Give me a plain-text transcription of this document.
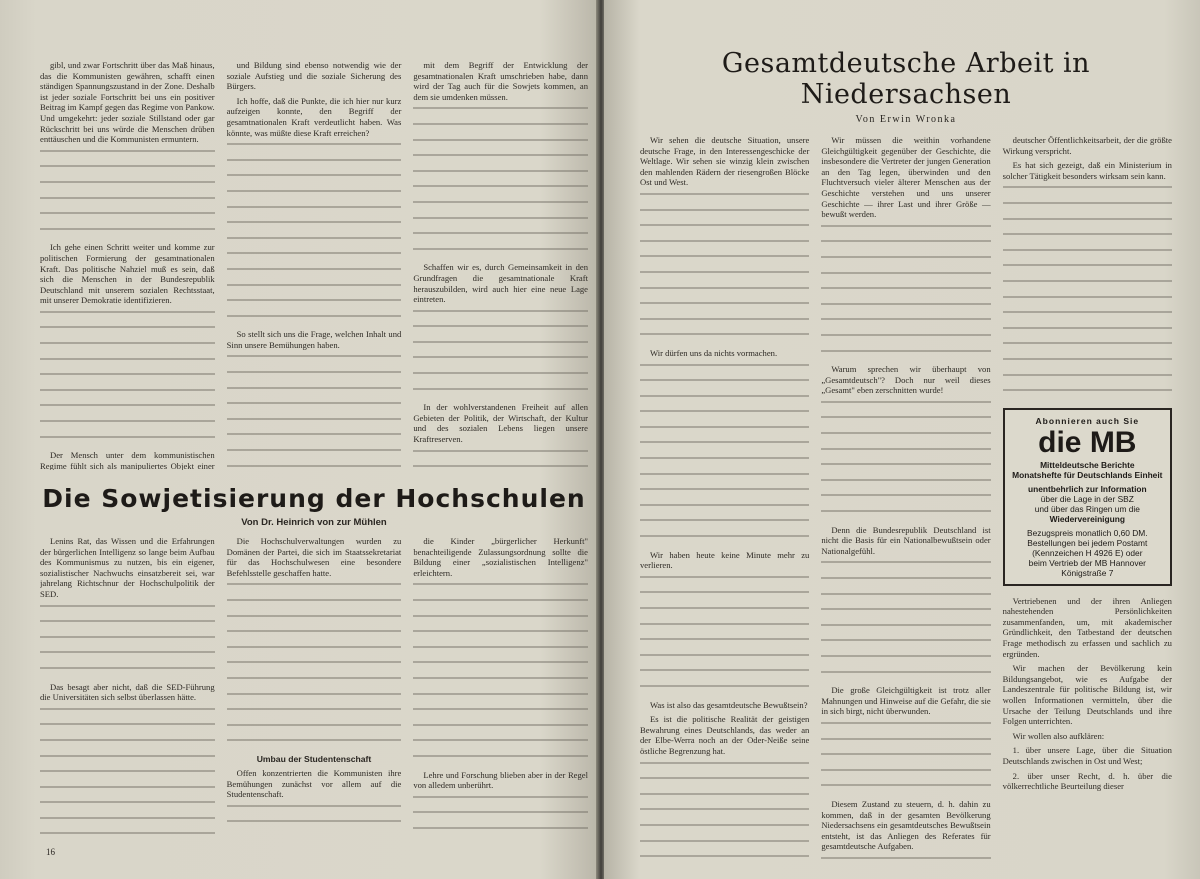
gibl, und zwar Fortschritt über das Maß hinaus, das die Kommunisten gewähren, schafft einen ständigen Spannungszustand in der Zone. Deshalb ist jeder soziale Fortschritt bei uns ein positiver Beitrag im Kampf gegen das Regime von Pankow. Und umgekehrt: jeder soziale Stillstand oder gar Rückschritt bei uns würde die Menschen drüben enttäuschen und die Kommunisten ermuntern.

Ich gehe einen Schritt weiter und komme zur politischen Formierung der gesamtnationalen Kraft. Das politische Nahziel muß es sein, daß sich die Menschen in der Bundesrepublik Deutschland mit unserem sozialen Rechtsstaat, mit unserer Demokratie identifizieren.

Der Mensch unter dem kommunistischen Regime fühlt sich als manipuliertes Objekt einer

und Bildung sind ebenso notwendig wie der soziale Aufstieg und die soziale Sicherung des Bürgers.

Ich hoffe, daß die Punkte, die ich hier nur kurz aufzeigen konnte, den Begriff der gesamtnationalen Kraft verdeutlicht haben. Was könnte, was müßte diese Kraft erreichen?

So stellt sich uns die Frage, welchen Inhalt und Sinn unsere Bemühungen haben.

mit dem Begriff der Entwicklung der gesamtnationalen Kraft umschrieben habe, dann wird der Tag auch für die Sowjets kommen, an dem sie umdenken müssen.

Schaffen wir es, durch Gemeinsamkeit in den Grundfragen die gesamtnationale Kraft herauszubilden, wird auch hier eine neue Lage eintreten.

In der wohlverstandenen Freiheit auf allen Gebieten der Politik, der Wirtschaft, der Kultur und des sozialen Lebens liegen unsere Kraftreserven.

Die Sowjetisierung der Hochschulen
Von Dr. Heinrich von zur Mühlen

Lenins Rat, das Wissen und die Erfahrungen der bürgerlichen Intelligenz so lange beim Aufbau des Kommunismus zu nutzen, bis ein eigener, sozialistischer Nachwuchs einsatzbereit sei, war jahrelang Richtschnur der Hochschulpolitik der SED.

Das besagt aber nicht, daß die SED-Führung die Universitäten sich selbst überlassen hätte.

Die Hochschulverwaltungen wurden zu Domänen der Partei, die sich im Staatssekretariat für das Hochschulwesen eine besondere Befehlsstelle geschaffen hatte.

Umbau der Studentenschaft

Offen konzentrierten die Kommunisten ihre Bemühungen zunächst vor allem auf die Studentenschaft.

die Kinder „bürgerlicher Herkunft" benachteiligende Zulassungsordnung sollte die Bildung einer „sozialistischen Intelligenz" erleichtern.

Lehre und Forschung blieben aber in der Regel von alledem unberührt.

16
Gesamtdeutsche Arbeit in Niedersachsen
Von Erwin Wronka

Wir sehen die deutsche Situation, unsere deutsche Frage, in den Interessengeschicke der Weltlage. Wir sehen sie winzig klein zwischen den mahlenden Rädern der riesengroßen Blöcke Ost und West.

Wir dürfen uns da nichts vormachen.

Wir haben heute keine Minute mehr zu verlieren.

Was ist also das gesamtdeutsche Bewußtsein?

Es ist die politische Realität der geistigen Bewahrung eines Deutschlands, das weder an der Elbe-Werra noch an der Oder-Neiße seine östliche Begrenzung hat.

Wir müssen die weithin vorhandene Gleichgültigkeit gegenüber der Geschichte, die insbesondere die Vertreter der jungen Generation an den Tag legen, überwinden und den Fluchtversuch vieler älterer Menschen aus der Geschichte verstehen und uns unserer Geschichte — ihrer Last und ihrer Größe — bewußt werden.

Warum sprechen wir überhaupt von „Gesamtdeutsch"? Doch nur weil dieses „Gesamt" eben zerschnitten wurde!

Denn die Bundesrepublik Deutschland ist nicht die Basis für ein Nationalbewußtsein oder Nationalgefühl.

Die große Gleichgültigkeit ist trotz aller Mahnungen und Hinweise auf die Gefahr, die sie in sich birgt, nicht überwunden.

Diesem Zustand zu steuern, d. h. dahin zu kommen, daß in der gesamten Bevölkerung Niedersachsens ein gesamtdeutsches Bewußtsein entsteht, ist das Anliegen des Referates für gesamtdeutsche Aufgaben.

deutscher Öffentlichkeitsarbeit, der die größte Wirkung verspricht.

Es hat sich gezeigt, daß ein Ministerium in solcher Tätigkeit besonders wirksam sein kann.

Abonnieren auch Sie
die MB
Mitteldeutsche Berichte
Monatshefte für Deutschlands Einheit
unentbehrlich zur Information
über die Lage in der SBZ
und über das Ringen um die
Wiedervereinigung
Bezugspreis monatlich 0,60 DM.
Bestellungen bei jedem Postamt
(Kennzeichen H 4926 E) oder
beim Vertrieb der MB Hannover
Königstraße 7

Vertriebenen und der ihren Anliegen nahestehenden Persönlichkeiten zusammenfanden, um, mit akademischer Gründlichkeit, den Tatbestand der deutschen Frage methodisch zu erfassen und sachlich zu ergründen.

Wir machen der Bevölkerung kein Bildungsangebot, wie es Aufgabe der Landeszentrale für politische Bildung ist, wir wollen Informationen vermitteln, über die Ursache der Teilung Deutschlands und ihre Folgen unterrichten.

Wir wollen also aufklären:

1. über unsere Lage, über die Situation Deutschlands zwischen in Ost und West;

2. über unser Recht, d. h. über die völkerrechtliche Beurteilung dieser
